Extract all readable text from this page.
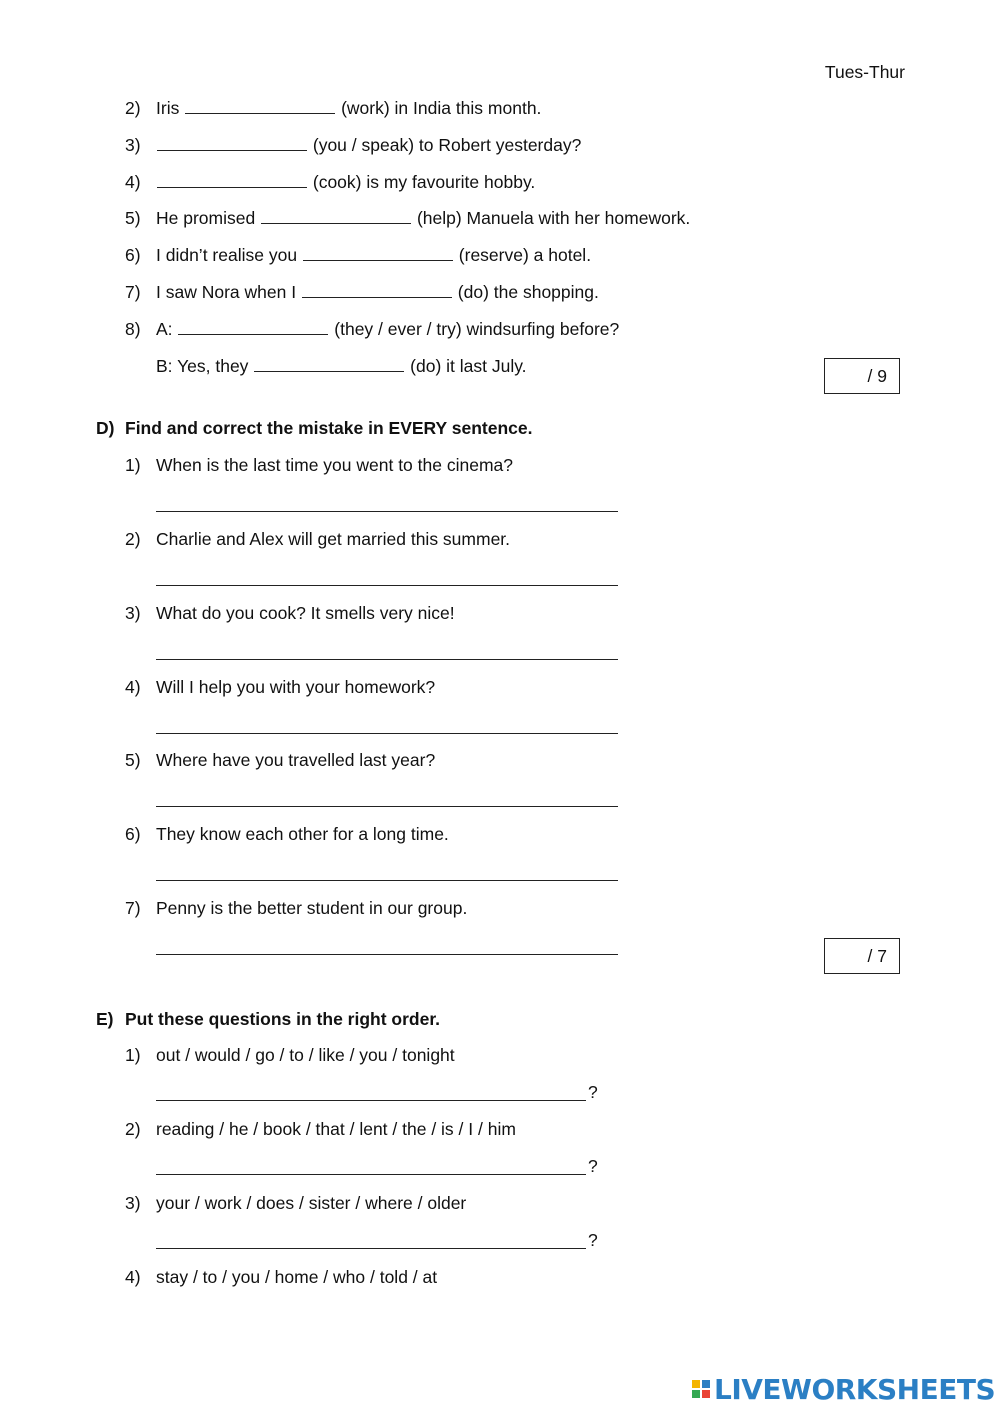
Tues-Thur
2) Iris	(work) in India this month.
3)	(you / speak) to Robert yesterday?
4)	(cook) is my favourite hobby.
5) He promised	(help) Manuela with her homework.
6) I didn’t realise you	(reserve) a hotel.
7) I saw Nora when I	(do) the shopping.
8) A:	(they / ever / try) windsurfing before?
B: Yes, they	(do) it last July.	/ 9
D) Find and correct the mistake in EVERY sentence.
1) When is the last time you went to the cinema?
2) Charlie and Alex will get married this summer.
3) What do you cook? It smells very nice!
4) Will I help you with your homework?
5) Where have you travelled last year?
6) They know each other for a long time.
7) Penny is the better student in our group.
/ 7
E) Put these questions in the right order.
1) out / would / go / to / like / you / tonight
?
2) reading / he / book / that / lent / the / is / I / him
?
3) your / work / does / sister / where / older
?
4) stay / to / you / home / who / told / at
LIVEWORKSHEETS
